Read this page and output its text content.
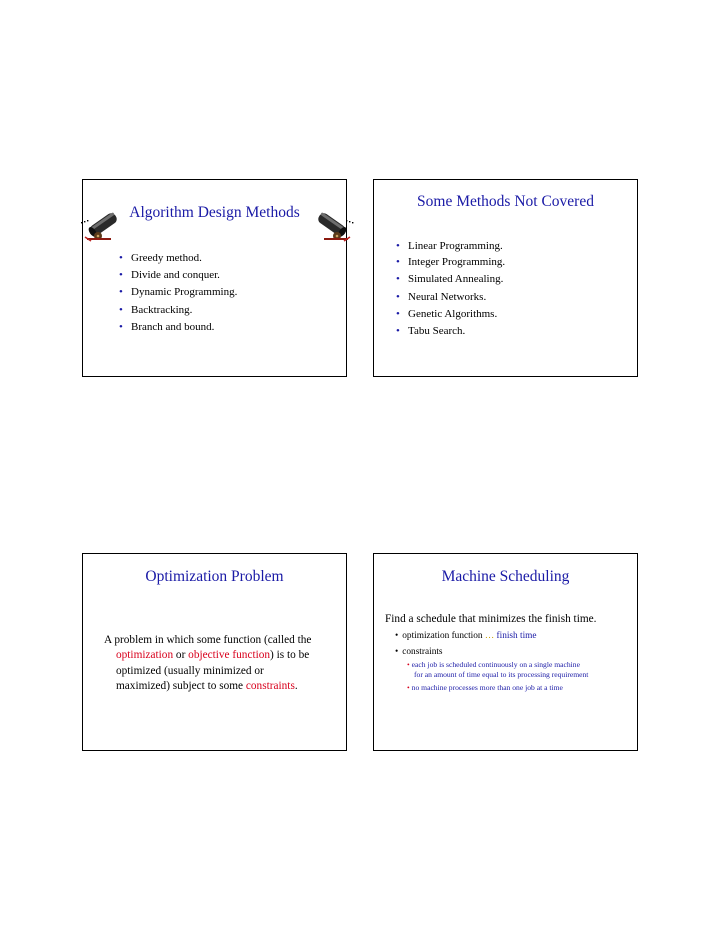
Algorithm Design Methods
• Greedy method.
• Divide and conquer.
• Dynamic Programming.
• Backtracking.
• Branch and bound.
Some Methods Not Covered
• Linear Programming.
• Integer Programming.
• Simulated Annealing.
• Neural Networks.
• Genetic Algorithms.
• Tabu Search.
Optimization Problem
A problem in which some function (called the
optimization or objective function) is to be
optimized (usually minimized or
maximized) subject to some constraints.
Machine Scheduling
Find a schedule that minimizes the finish time.
• optimization function … finish time
• constraints
• each job is scheduled continuously on a single machine
for an amount of time equal to its processing requirement
• no machine processes more than one job at a time
